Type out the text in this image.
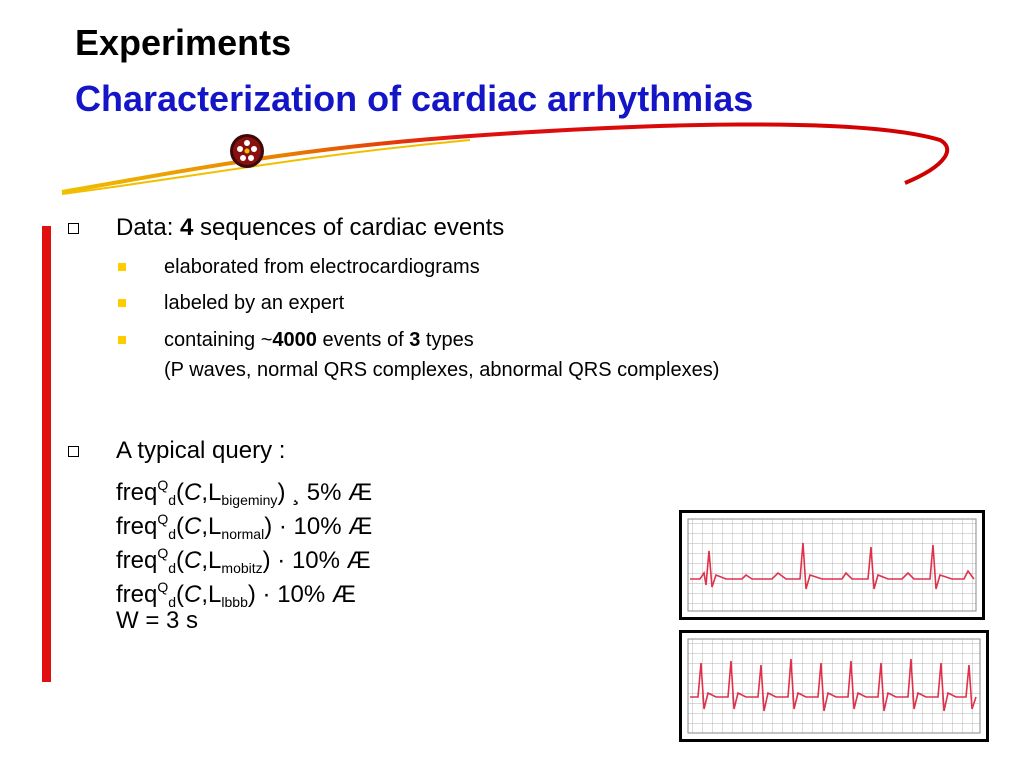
Experiments
Characterization of cardiac arrhythmias
Data: 4 sequences of cardiac events
elaborated from electrocardiograms
labeled by an expert
containing ~4000 events of 3 types
(P waves, normal QRS complexes, abnormal QRS complexes)
A typical query :
$freq^Q_d(C,L_{bigeminy})$ ¸ 5% Æ
$freq^Q_d(C,L_{normal}) \cdot 10\%$ Æ
$freq^Q_d(C,L_{mobitz}) \cdot 10\%$ Æ
$freq^Q_d(C,L_{lbbb}) \cdot 10\%$ Æ
W = 3 s
